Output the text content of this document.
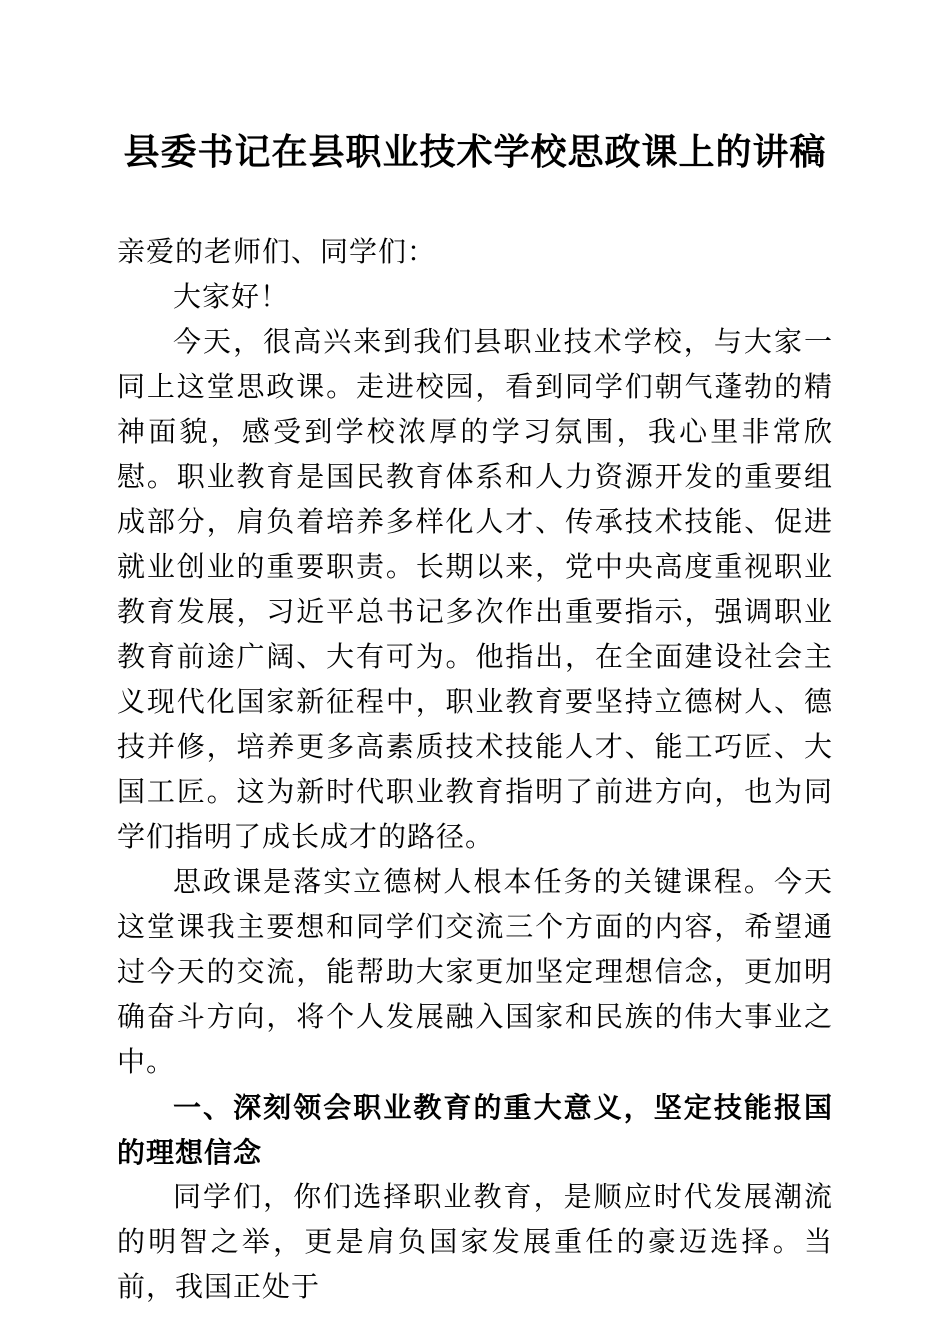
县委书记在县职业技术学校思政课上的讲稿

亲爱的老师们、同学们：

大家好！

今天，很高兴来到我们县职业技术学校，与大家一同上这堂思政课。走进校园，看到同学们朝气蓬勃的精神面貌，感受到学校浓厚的学习氛围，我心里非常欣慰。职业教育是国民教育体系和人力资源开发的重要组成部分，肩负着培养多样化人才、传承技术技能、促进就业创业的重要职责。长期以来，党中央高度重视职业教育发展，习近平总书记多次作出重要指示，强调职业教育前途广阔、大有可为。他指出，在全面建设社会主义现代化国家新征程中，职业教育要坚持立德树人、德技并修，培养更多高素质技术技能人才、能工巧匠、大国工匠。这为新时代职业教育指明了前进方向，也为同学们指明了成长成才的路径。

思政课是落实立德树人根本任务的关键课程。今天这堂课我主要想和同学们交流三个方面的内容，希望通过今天的交流，能帮助大家更加坚定理想信念，更加明确奋斗方向，将个人发展融入国家和民族的伟大事业之中。

一、深刻领会职业教育的重大意义，坚定技能报国的理想信念

同学们，你们选择职业教育，是顺应时代发展潮流的明智之举，更是肩负国家发展重任的豪迈选择。当前，我国正处于
